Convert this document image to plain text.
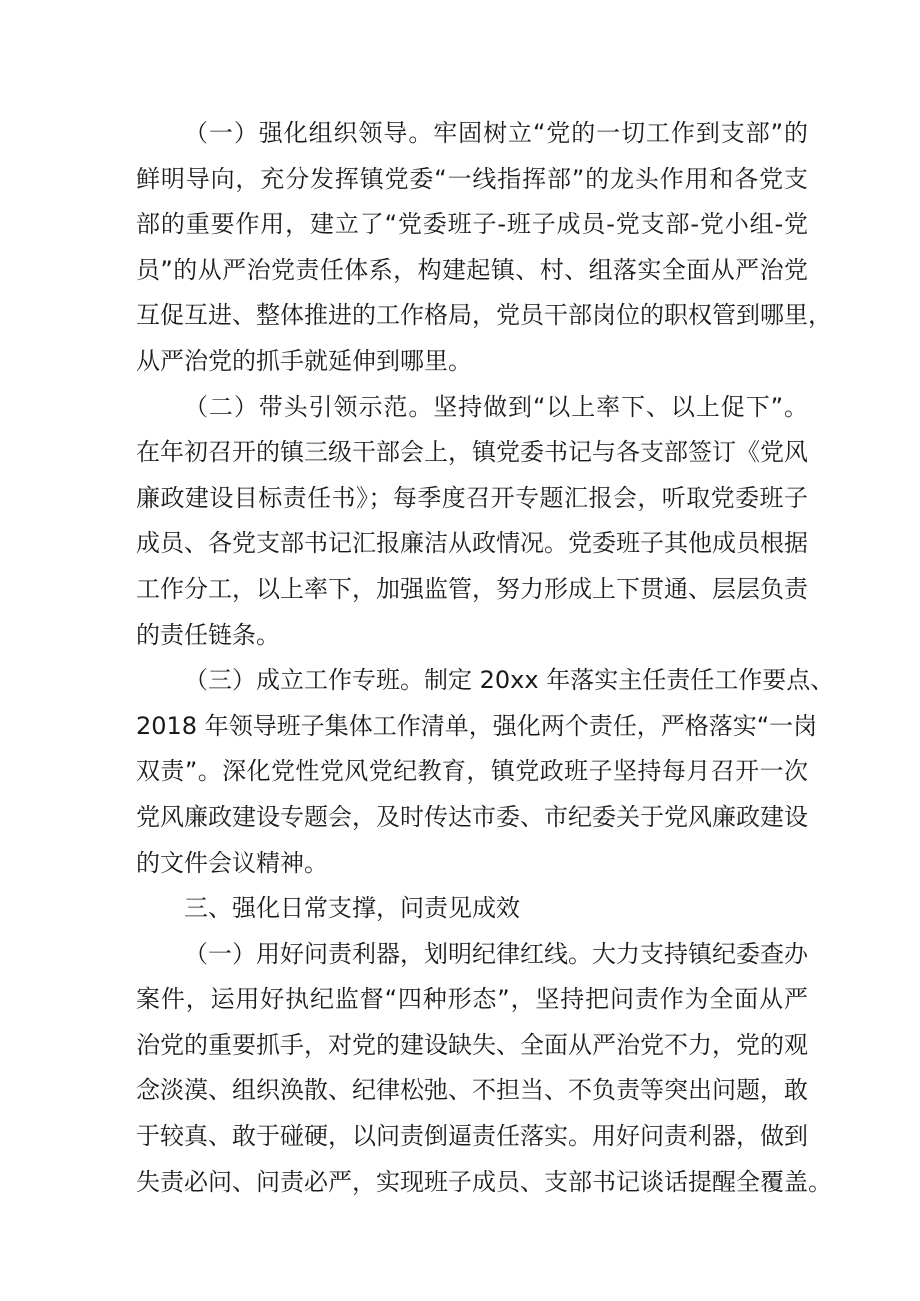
（一）强化组织领导。牢固树立“党的一切工作到支部”的
鲜明导向，充分发挥镇党委“一线指挥部”的龙头作用和各党支
部的重要作用，建立了“党委班子-班子成员-党支部-党小组-党
员”的从严治党责任体系，构建起镇、村、组落实全面从严治党
互促互进、整体推进的工作格局，党员干部岗位的职权管到哪里，
从严治党的抓手就延伸到哪里。
（二）带头引领示范。坚持做到“以上率下、以上促下”。
在年初召开的镇三级干部会上，镇党委书记与各支部签订《党风
廉政建设目标责任书》；每季度召开专题汇报会，听取党委班子
成员、各党支部书记汇报廉洁从政情况。党委班子其他成员根据
工作分工，以上率下，加强监管，努力形成上下贯通、层层负责
的责任链条。
（三）成立工作专班。制定 20xx 年落实主任责任工作要点、
2018 年领导班子集体工作清单，强化两个责任，严格落实“一岗
双责”。深化党性党风党纪教育，镇党政班子坚持每月召开一次
党风廉政建设专题会，及时传达市委、市纪委关于党风廉政建设
的文件会议精神。
三、强化日常支撑，问责见成效
（一）用好问责利器，划明纪律红线。大力支持镇纪委查办
案件，运用好执纪监督“四种形态”，坚持把问责作为全面从严
治党的重要抓手，对党的建设缺失、全面从严治党不力，党的观
念淡漠、组织涣散、纪律松弛、不担当、不负责等突出问题，敢
于较真、敢于碰硬，以问责倒逼责任落实。用好问责利器，做到
失责必问、问责必严，实现班子成员、支部书记谈话提醒全覆盖。
